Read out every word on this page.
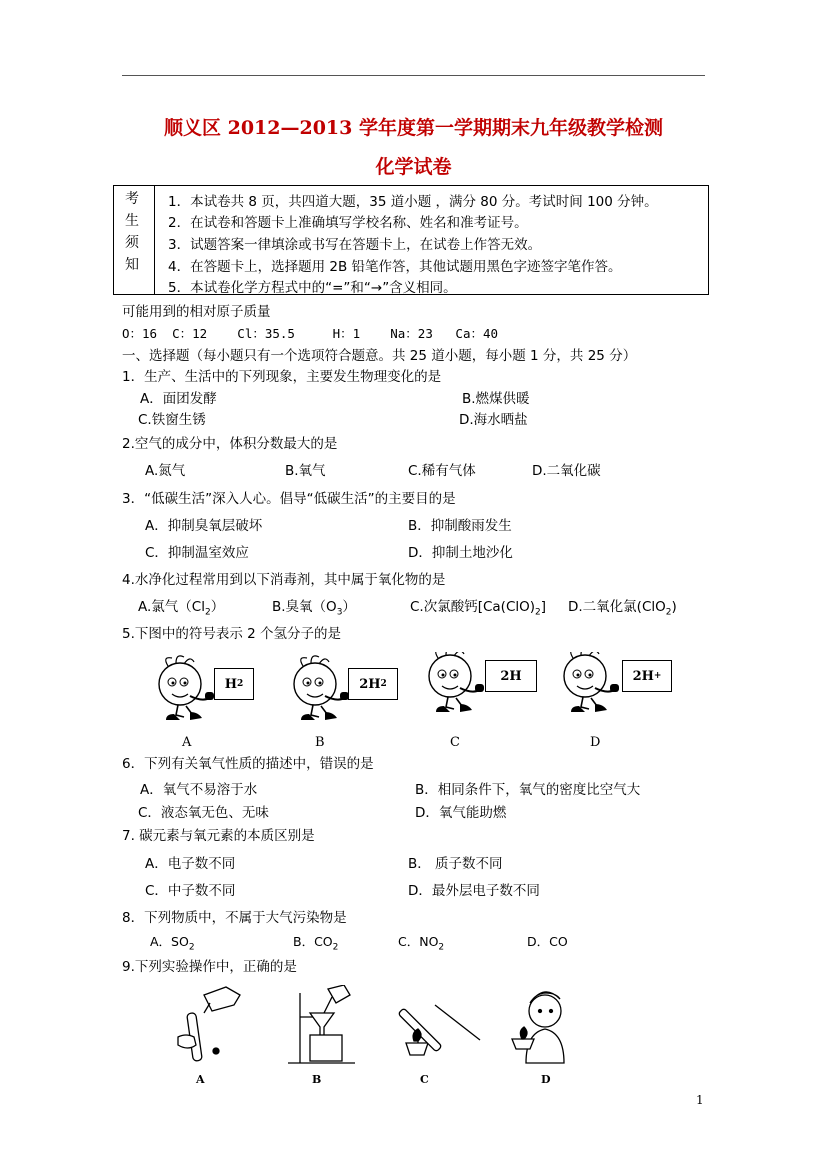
顺义区 2012—2013 学年度第一学期期末九年级教学检测
化学试卷
考
生
须
知
1．本试卷共 8 页，共四道大题，35 道小题 ，满分 80 分。考试时间 100 分钟。
2．在试卷和答题卡上准确填写学校名称、姓名和准考证号。
3．试题答案一律填涂或书写在答题卡上，在试卷上作答无效。
4．在答题卡上，选择题用 2B 铅笔作答，其他试题用黑色字迹签字笔作答。
5．本试卷化学方程式中的“=”和“→”含义相同。
可能用到的相对原子质量
O：16  C：12    Cl：35.5     H：1    Na：23   Ca：40
一、选择题（每小题只有一个选项符合题意。共 25 道小题，每小题 1 分，共 25 分）
1．生产、生活中的下列现象，主要发生物理变化的是
A．面团发酵	B.燃煤供暖
C.铁窗生锈	D.海水晒盐
2.空气的成分中，体积分数最大的是
A.氮气	B.氧气	C.稀有气体	D.二氧化碳
3．“低碳生活”深入人心。倡导“低碳生活”的主要目的是
A．抑制臭氧层破坏	B．抑制酸雨发生
C．抑制温室效应	D．抑制土地沙化
4.水净化过程常用到以下消毒剂，其中属于氧化物的是
A.氯气$(Cl_2)$	B.臭氧$(O_3)$	C.次氯酸钙$[Ca(ClO)_2]$ D.二氧化氯(ClO$_2$)
5.下图中的符号表示 2 个氢分子的是
H 2	2H 2
2H	2H +
A	B	C	D
6．下列有关氧气性质的描述中，错误的是
A．氧气不易溶于水	B．相同条件下，氧气的密度比空气大
C．液态氧无色、无味	D．氧气能助燃
7. 碳元素与氧元素的本质区别是
A．电子数不同	B． 质子数不同
C．中子数不同	D．最外层电子数不同
8．下列物质中，不属于大气污染物是
A．$SO_2$	B．$CO_2$	C．$NO_2$	D．CO
9.下列实验操作中，正确的是
A	B	C	D
1
